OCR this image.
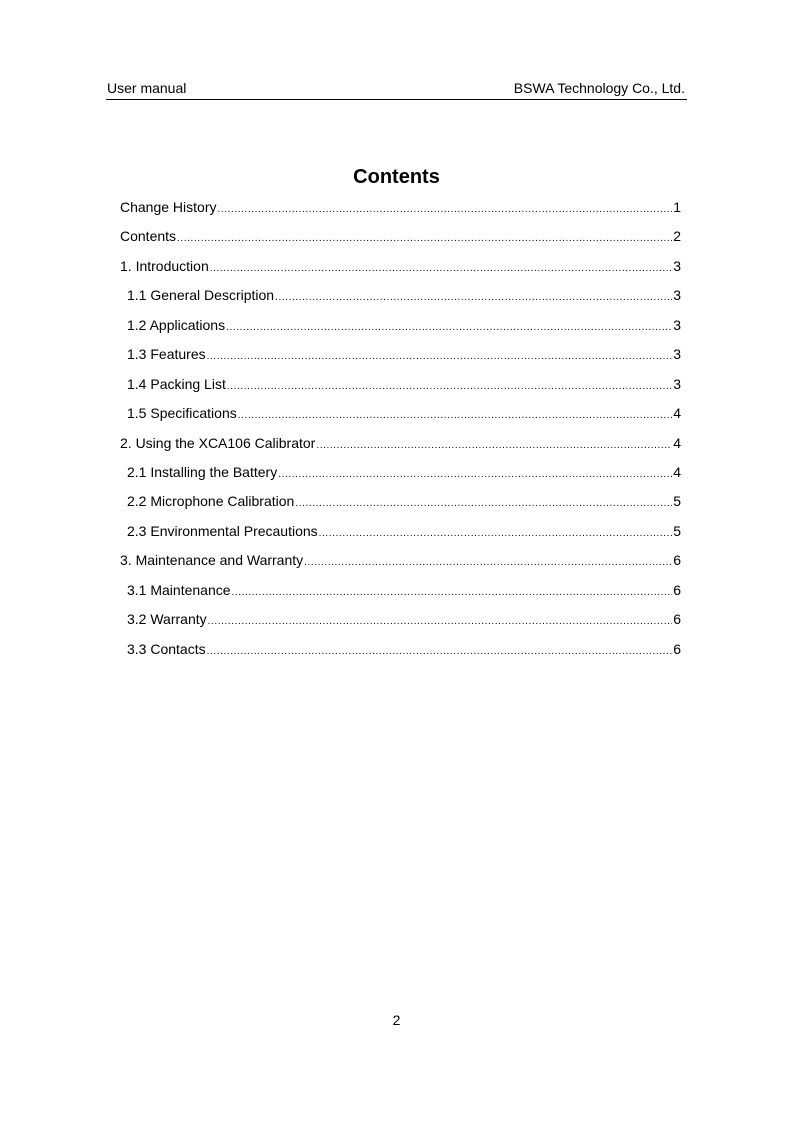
User manual	BSWA Technology Co., Ltd.
Contents
Change History .....	1
Contents .....	2
1. Introduction .....	3
1.1 General Description .....	3
1.2 Applications .....	3
1.3 Features .....	3
1.4 Packing List .....	3
1.5 Specifications .....	4
2. Using the XCA106 Calibrator .....	4
2.1 Installing the Battery .....	4
2.2 Microphone Calibration .....	5
2.3 Environmental Precautions .....	5
3. Maintenance and Warranty .....	6
3.1 Maintenance .....	6
3.2 Warranty .....	6
3.3 Contacts .....	6
2
